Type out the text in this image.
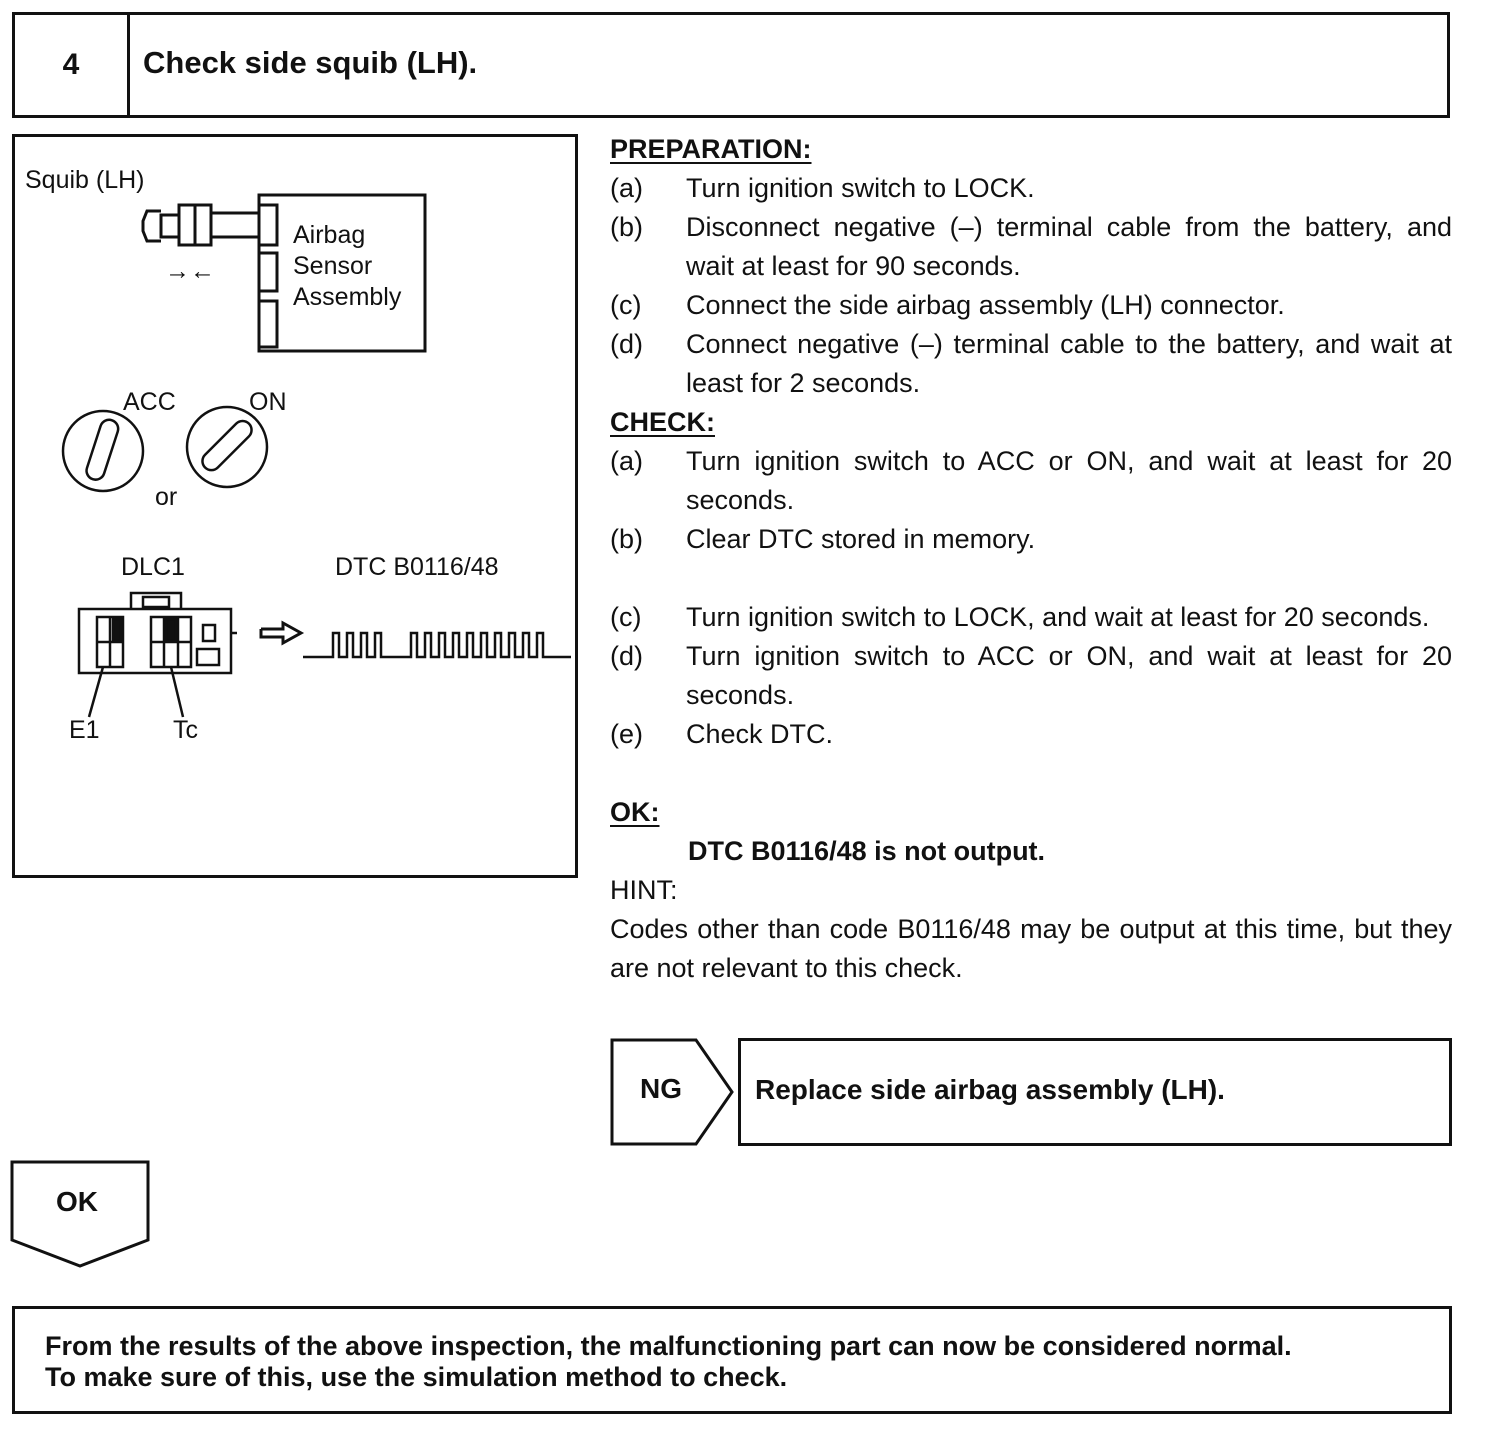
4	Check side squib (LH).
Squib (LH)
Airbag
Sensor
Assembly
→←
ACC	ON
or
DLC1
E1	Tc
DTC B0116/48
PREPARATION:
(a)	Turn ignition switch to LOCK.
(b)	Disconnect negative (–) terminal cable from the battery, and wait at least for 90 seconds.
(c)	Connect the side airbag assembly (LH) connector.
(d)	Connect negative (–) terminal cable to the battery, and wait at least for 2 seconds.
CHECK:
(a)	Turn ignition switch to ACC or ON, and wait at least for 20 seconds.
(b)	Clear DTC stored in memory.
(c)	Turn ignition switch to LOCK, and wait at least for 20 seconds.
(d)	Turn ignition switch to ACC or ON, and wait at least for 20 seconds.
(e)	Check DTC.
OK:
DTC B0116/48 is not output.
HINT:
Codes other than code B0116/48 may be output at this time, but they are not relevant to this check.
NG	Replace side airbag assembly (LH).
OK
From the results of the above inspection, the malfunctioning part can now be considered normal.
To make sure of this, use the simulation method to check.
